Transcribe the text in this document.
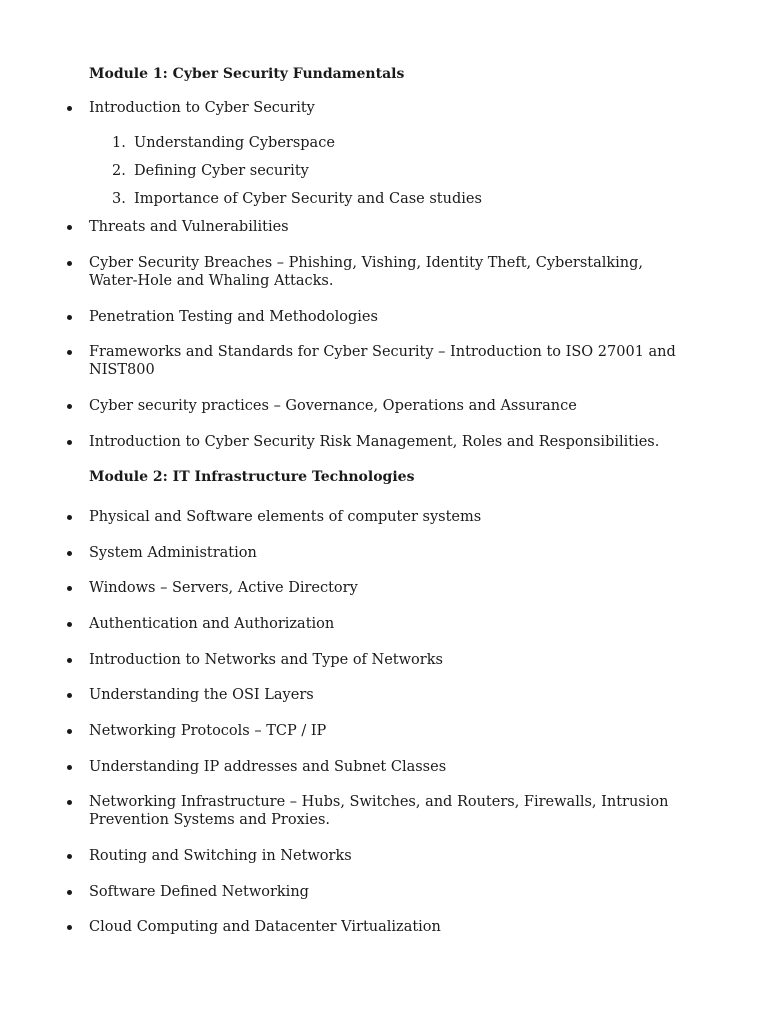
Module 1: Cyber Security Fundamentals
Introduction to Cyber Security
1. Understanding Cyberspace
2. Defining Cyber security
3. Importance of Cyber Security and Case studies
Threats and Vulnerabilities
Cyber Security Breaches – Phishing, Vishing, Identity Theft, Cyberstalking, Water-Hole and Whaling Attacks.
Penetration Testing and Methodologies
Frameworks and Standards for Cyber Security – Introduction to ISO 27001 and NIST800
Cyber security practices – Governance, Operations and Assurance
Introduction to Cyber Security Risk Management, Roles and Responsibilities.
Module 2: IT Infrastructure Technologies
Physical and Software elements of computer systems
System Administration
Windows – Servers, Active Directory
Authentication and Authorization
Introduction to Networks and Type of Networks
Understanding the OSI Layers
Networking Protocols – TCP / IP
Understanding IP addresses and Subnet Classes
Networking Infrastructure – Hubs, Switches, and Routers, Firewalls, Intrusion Prevention Systems and Proxies.
Routing and Switching in Networks
Software Defined Networking
Cloud Computing and Datacenter Virtualization
